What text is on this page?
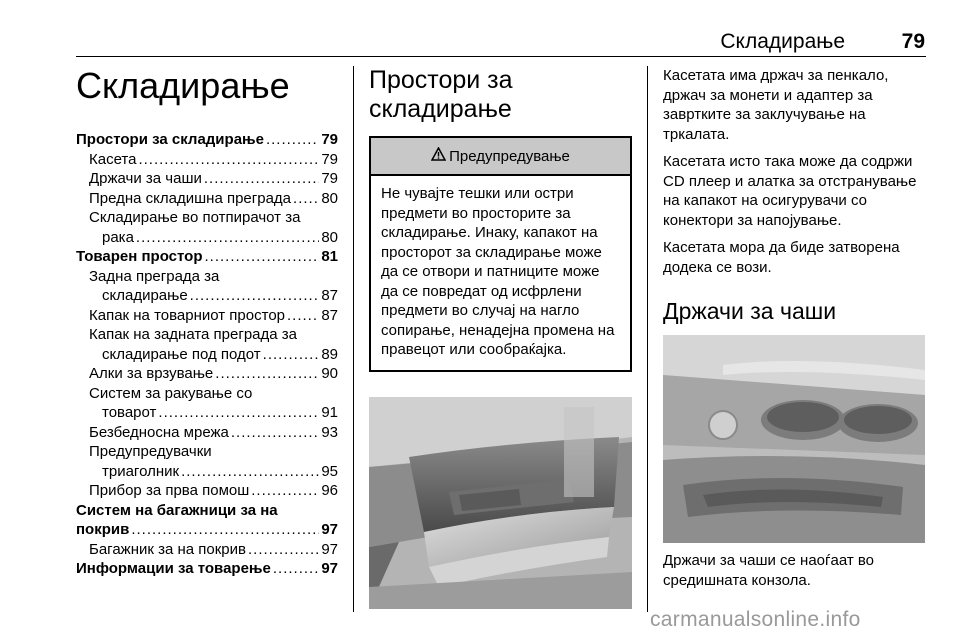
Складирање	79
Складирање
Простори за складирање .....	79
Касета .....	79
Држачи за чаши .....	79
Предна складишна преграда ..... 80
Складирање во потпирачот за
рака .....	80
Товарен простор .....	81
Задна преграда за
складирање .....	87
Капак на товарниот простор ..... 87
Капак на задната преграда за
складирање под подот .....	89
Алки за врзување .....	90
Систем за ракување со
товарот .....	91
Безбедносна мрежа .....	93
Предупредувачки
триаголник .....	95
Прибор за прва помош .....	96
Систем на багажници за на
покрив .....	97
Багажник за на покрив .....	97
Информации за товарење .....	97
Простори за
складирање
Предупредување
Не чувајте тешки или остри предмети во просторите за складирање. Инаку, капакот на просторот за складирање може да се отвори и патниците може да се повредат од исфрлени предмети во случај на нагло сопирање, ненадејна промена на правецот или сообраќајка.

Касетата има држач за пенкало, држач за монети и адаптер за завртките за заклучување на тркалата.

Касетата исто така може да содржи CD плеер и алатка за отстранување на капакот на осигурувачи со конектори за напојување.

Касетата мора да биде затворена додека се вози.

Држачи за чаши
Држачи за чаши се наоѓаат во средишната конзола.
carmanualsonline.info
